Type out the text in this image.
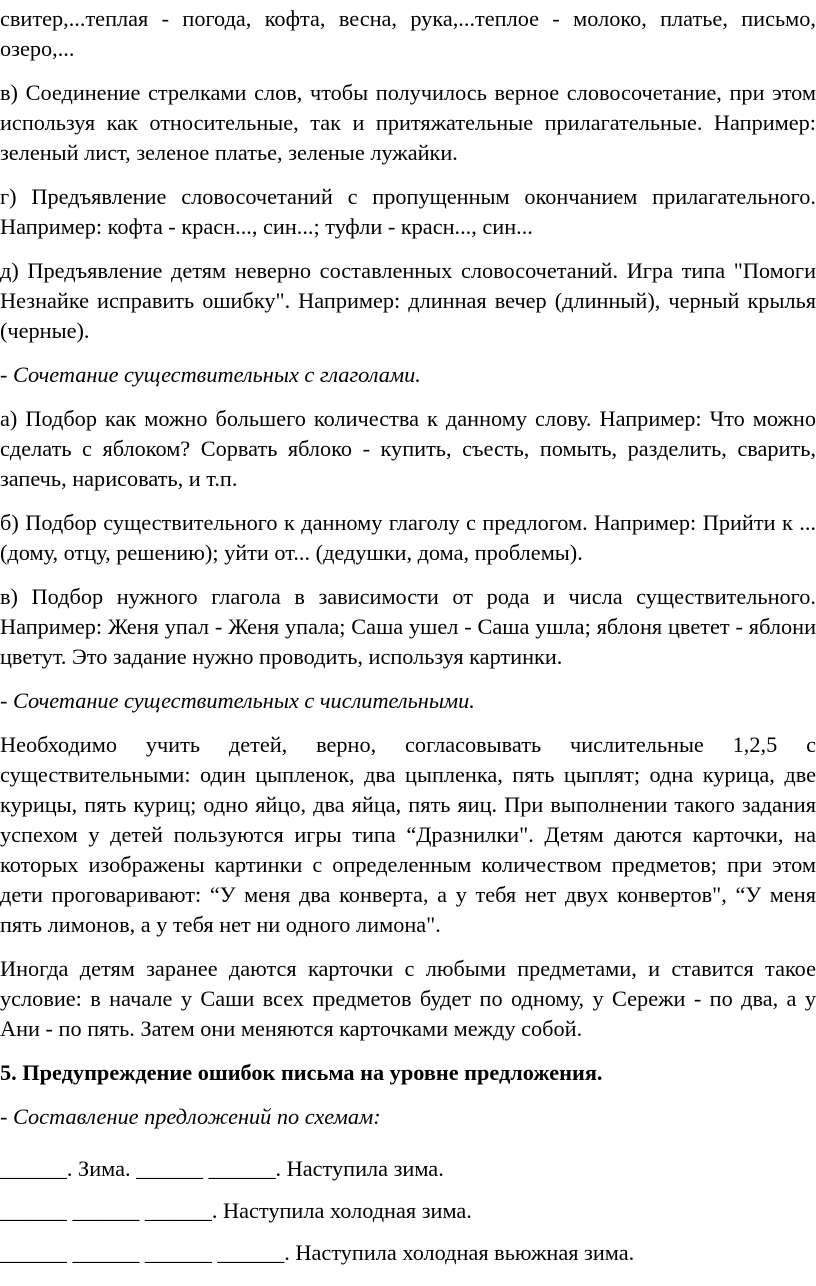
свитер,...теплая - погода, кофта, весна, рука,...теплое - молоко, платье, письмо, озеро,...

в) Соединение стрелками слов, чтобы получилось верное словосочетание, при этом используя как относительные, так и притяжательные прилагательные. Например: зеленый лист, зеленое платье, зеленые лужайки.

г) Предъявление словосочетаний с пропущенным окончанием прилагательного. Например: кофта - красн..., син...; туфли - красн..., син...

д) Предъявление детям неверно составленных словосочетаний. Игра типа "Помоги Незнайке исправить ошибку". Например: длинная вечер (длинный), черный крылья (черные).

- Сочетание существительных с глаголами.

а) Подбор как можно большего количества к данному слову. Например: Что можно сделать с яблоком? Сорвать яблоко - купить, съесть, помыть, разделить, сварить, запечь, нарисовать, и т.п.

б) Подбор существительного к данному глаголу с предлогом. Например: Прийти к ... (дому, отцу, решению); уйти от... (дедушки, дома, проблемы).

в) Подбор нужного глагола в зависимости от рода и числа существительного. Например: Женя упал - Женя упала; Саша ушел - Саша ушла; яблоня цветет - яблони цветут. Это задание нужно проводить, используя картинки.

- Сочетание существительных с числительными.

Необходимо учить детей, верно, согласовывать числительные 1,2,5 с существительными: один цыпленок, два цыпленка, пять цыплят; одна курица, две курицы, пять куриц; одно яйцо, два яйца, пять яиц. При выполнении такого задания успехом у детей пользуются игры типа “Дразнилки". Детям даются карточки, на которых изображены картинки с определенным количеством предметов; при этом дети проговаривают: “У меня два конверта, а у тебя нет двух конвертов", “У меня пять лимонов, а у тебя нет ни одного лимона".

Иногда детям заранее даются карточки с любыми предметами, и ставится такое условие: в начале у Саши всех предметов будет по одному, у Сережи - по два, а у Ани - по пять. Затем они меняются карточками между собой.

5. Предупреждение ошибок письма на уровне предложения.

- Составление предложений по схемам:

______. Зима. ______ ______. Наступила зима.

______ ______ ______. Наступила холодная зима.

______ ______ ______ ______. Наступила холодная вьюжная зима.
